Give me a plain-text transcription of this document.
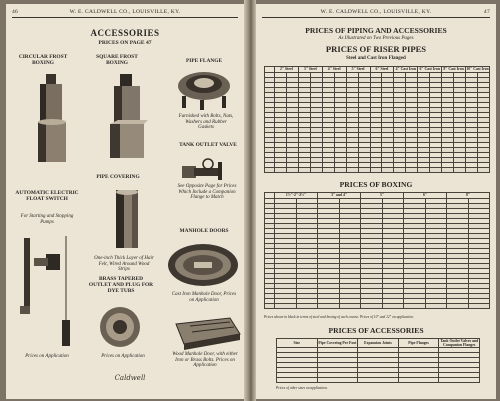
46	W. E. CALDWELL CO., LOUISVILLE, KY.
ACCESSORIES
PRICES ON PAGE 47
CIRCULAR FROST BOXING
SQUARE FROST BOXING	PIPE FLANGE
Furnished with Bolts, Nuts, Washers and Rubber Gaskets
TANK OUTLET VALVE
See Opposite Page for Prices Which Include a Companion Flange to Match
PIPE COVERING
AUTOMATIC ELECTRIC FLOAT SWITCH
For Starting and Stopping Pumps
One-inch Thick Layer of Hair Felt, Wired Around Wood Strips
MANHOLE DOORS
Cast Iron Manhole Door, Prices on Application
BRASS TAPERED OUTLET AND PLUG FOR DYE TUBS
Wood Manhole Door, with either Iron or Brass Bolts. Prices on Application
Prices on Application	Prices on Application
Caldwell
W. E. CALDWELL CO., LOUISVILLE, KY.	47
PRICES OF PIPING AND ACCESSORIES
As Illustrated on Two Previous Pages
PRICES OF RISER PIPES
Steel and Cast Iron Flanged
	2" Steel		3" Steel		4" Steel		5" Steel		6" Steel		4" Cast Iron		6" Cast Iron		8" Cast Iron		10" Cast Iron	

PRICES OF BOXING
	1½"-2"-2½"		3" and 4"		5"		6"		8"	

Prices shown in black in terms of steel and boxing of each course. Prices of 10" and 12" on application.
PRICES OF ACCESSORIES
Size	Pipe Covering Per Foot	Expansion Joints	Pipe Flanges	Tank Outlet Valves and Companion Flanges

Prices of other sizes on application.
